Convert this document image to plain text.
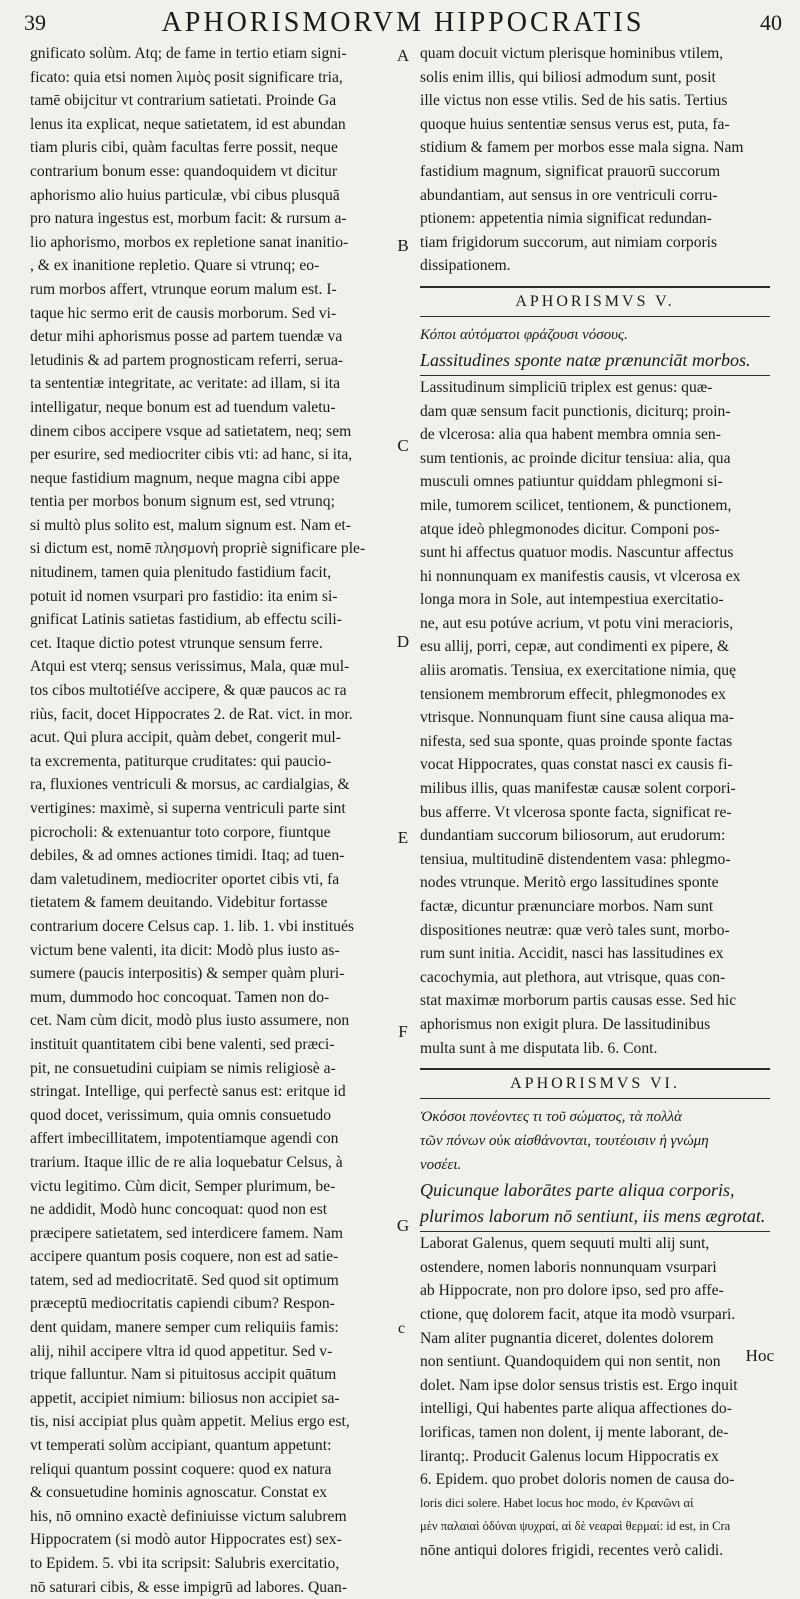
39	APHORISMORVM HIPPOCRATIS	40
A
B
C
D
E
F
G

gnificato solùm. Atq; de fame in tertio etiam signi-

ficato: quia etsi nomen λιμὸς posit significare tria,

tamē obijcitur vt contrarium satietati. Proinde Ga

lenus ita explicat, neque satietatem, id est abundan

tiam pluris cibi, quàm facultas ferre possit, neque

contrarium bonum esse: quandoquidem vt dicitur

aphorismo alio huius particulæ, vbi cibus plusquā

pro natura ingestus est, morbum facit: & rursum a-

lio aphorismo, morbos ex repletione sanat inanitio-

, & ex inanitione repletio. Quare si vtrunq; eo-

rum morbos affert, vtrunque eorum malum est. I-

taque hic sermo erit de causis morborum. Sed vi-

detur mihi aphorismus posse ad partem tuendæ va

letudinis & ad partem prognosticam referri, serua-

ta sententiæ integritate, ac veritate: ad illam, si ita

intelligatur, neque bonum est ad tuendum valetu-

dinem cibos accipere vsque ad satietatem, neq; sem

per esurire, sed mediocriter cibis vti: ad hanc, si ita,

neque fastidium magnum, neque magna cibi appe

tentia per morbos bonum signum est, sed vtrunq;

si multò plus solito est, malum signum est. Nam et-

si dictum est, nomē πλησμονὴ propriè significare ple-

nitudinem, tamen quia plenitudo fastidium facit,

potuit id nomen vsurpari pro fastidio: ita enim si-

gnificat Latinis satietas fastidium, ab effectu scili-

cet. Itaque dictio potest vtrunque sensum ferre.

Atqui est vterq; sensus verissimus, Mala, quæ mul-

tos cibos multotiéſve accipere, & quæ paucos ac ra

riùs, facit, docet Hippocrates 2. de Rat. vict. in mor.

acut. Qui plura accipit, quàm debet, congerit mul-

ta excrementa, patiturque cruditates: qui paucio-

ra, fluxiones ventriculi & morsus, ac cardialgias, &

vertigines: maximè, si superna ventriculi parte sint

picrocholi: & extenuantur toto corpore, fiuntque

debiles, & ad omnes actiones timidi. Itaq; ad tuen-

dam valetudinem, mediocriter oportet cibis vti, fa

tietatem & famem deuitando. Videbitur fortasse

contrarium docere Celsus cap. 1. lib. 1. vbi institués

victum bene valenti, ita dicit: Modò plus iusto as-

sumere (paucis interpositis) & semper quàm pluri-

mum, dummodo hoc concoquat. Tamen non do-

cet. Nam cùm dicit, modò plus iusto assumere, non

instituit quantitatem cibi bene valenti, sed præci-

pit, ne consuetudini cuipiam se nimis religiosè a-

stringat. Intellige, qui perfectè sanus est: eritque id

quod docet, verissimum, quia omnis consuetudo

affert imbecillitatem, impotentiamque agendi con

trarium. Itaque illic de re alia loquebatur Celsus, à

victu legitimo. Cùm dicit, Semper plurimum, be-

ne addidit, Modò hunc concoquat: quod non est

præcipere satietatem, sed interdicere famem. Nam

accipere quantum posis coquere, non est ad satie-

tatem, sed ad mediocritatē. Sed quod sit optimum

præceptū mediocritatis capiendi cibum? Respon-

dent quidam, manere semper cum reliquiis famis:

alij, nihil accipere vltra id quod appetitur. Sed v-

trique falluntur. Nam si pituitosus accipit quātum

appetit, accipiet nimium: biliosus non accipiet sa-

tis, nisi accipiat plus quàm appetit. Melius ergo est,

vt temperati solùm accipiant, quantum appetunt:

reliqui quantum possint coquere: quod ex natura

& consuetudine hominis agnoscatur. Constat ex

his, nō omnino exactè definiuisse victum salubrem

Hippocratem (si modò autor Hippocrates est) sex-

to Epidem. 5. vbi ita scripsit: Salubris exercitatio,

nō saturari cibis, & esse impigrū ad labores. Quan-

quam docuit victum plerisque hominibus vtilem,

solis enim illis, qui biliosi admodum sunt, posit

ille victus non esse vtilis. Sed de his satis. Tertius

quoque huius sententiæ sensus verus est, puta, fa-

stidium & famem per morbos esse mala signa. Nam

fastidium magnum, significat prauorū succorum

abundantiam, aut sensus in ore ventriculi corru-

ptionem: appetentia nimia significat redundan-

tiam frigidorum succorum, aut nimiam corporis

dissipationem.

APHORISMVS V.

Κόποι αὐτόματοι φράζουσι νόσους.

Lassitudines sponte natæ prænunciāt morbos.

Lassitudinum simpliciū triplex est genus: quæ-

dam quæ sensum facit punctionis, diciturq; proin-

de vlcerosa: alia qua habent membra omnia sen-

sum tentionis, ac proinde dicitur tensiua: alia, qua

musculi omnes patiuntur quiddam phlegmoni si-

mile, tumorem scilicet, tentionem, & punctionem,

atque ideò phlegmonodes dicitur. Componi pos-

sunt hi affectus quatuor modis. Nascuntur affectus

hi nonnunquam ex manifestis causis, vt vlcerosa ex

longa mora in Sole, aut intempestiua exercitatio-

ne, aut esu potúve acrium, vt potu vini meracioris,

esu allij, porri, cepæ, aut condimenti ex pipere, &

aliis aromatis. Tensiua, ex exercitatione nimia, quę

tensionem membrorum effecit, phlegmonodes ex

vtrisque. Nonnunquam fiunt sine causa aliqua ma-

nifesta, sed sua sponte, quas proinde sponte factas

vocat Hippocrates, quas constat nasci ex causis fi-

milibus illis, quas manifestæ causæ solent corpori-

bus afferre. Vt vlcerosa sponte facta, significat re-

dundantiam succorum biliosorum, aut erudorum:

tensiua, multitudinē distendentem vasa: phlegmo-

nodes vtrunque. Meritò ergo lassitudines sponte

factæ, dicuntur prænunciare morbos. Nam sunt

dispositiones neutræ: quæ verò tales sunt, morbo-

rum sunt initia. Accidit, nasci has lassitudines ex

cacochymia, aut plethora, aut vtrisque, quas con-

stat maximæ morborum partis causas esse. Sed hic

aphorismus non exigit plura. De lassitudinibus

multa sunt à me disputata lib. 6. Cont.

APHORISMVS VI.

Ὁκόσοι πονέοντες τι τοῦ σώματος, τὰ πολλὰ

τῶν πόνων οὐκ αἰσθάνονται, τουτέοισιν ἡ γνώμη

νοσέει.

Quicunque laborātes parte aliqua corporis,

plurimos laborum nō sentiunt, iis mens ægrotat.

Laborat Galenus, quem sequuti multi alij sunt,

ostendere, nomen laboris nonnunquam vsurpari

ab Hippocrate, non pro dolore ipso, sed pro affe-

ctione, quę dolorem facit, atque ita modò vsurpari.

Nam aliter pugnantia diceret, dolentes dolorem

non sentiunt. Quandoquidem qui non sentit, non

dolet. Nam ipse dolor sensus tristis est. Ergo inquit

intelligi, Qui habentes parte aliqua affectiones do-

lorificas, tamen non dolent, ij mente laborant, de-

lirantq;. Producit Galenus locum Hippocratis ex

6. Epidem. quo probet doloris nomen de causa do-

loris dici solere. Habet locus hoc modo, ἐν Κρανῶνι αἱ

μὲν παλαιαὶ ὀδύναι ψυχραί, αἱ δὲ νεαραὶ θερμαί: id est, in Cra

nōne antiqui dolores frigidi, recentes verò calidi.

c
Hoc
